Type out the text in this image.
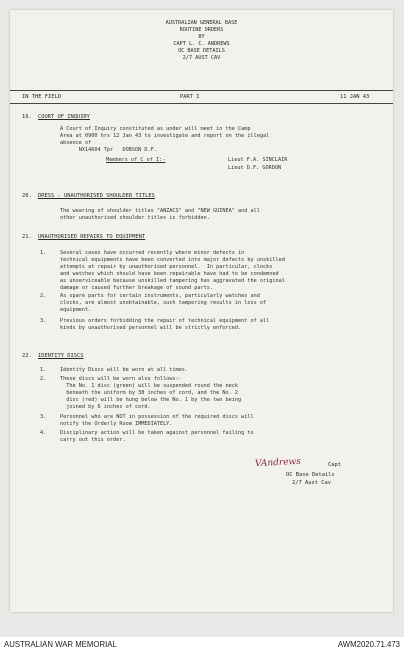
AUSTRALIAN GENERAL BASE
ROUTINE ORDERS
BY
CAPT L. C. ANDREWS
OC BASE DETAILS
2/7 AUST CAV
IN THE FIELD	PART I	11 JAN 43
19. COURT OF INQUIRY
A Court of Inquiry constituted as under will meet in the Camp
Area at 0900 hrs 12 Jan 43 to investigate and report on the illegal
absence of
NX14604 Tpr   DOBSON D.F.
Members of C of I:-	Lieut F.A. SINCLAIR
Lieut D.F. GORDON
20. DRESS - UNAUTHORISED SHOULDER TITLES
The wearing of shoulder titles "ANZACS" and "NEW GUINEA" and all
other unauthorised shoulder titles is forbidden.
21. UNAUTHORISED REPAIRS TO EQUIPMENT
1.	Several cases have occurred recently where minor defects in
technical equipments have been converted into major defects by unskilled
attempts at repair by unauthorised personnel.  In particular, clocks
and watches which should have been repairable have had to be condemned
as unserviceable because unskilled tampering has aggravated the original
damage or caused further breakage of sound parts.
2.	As spare parts for certain instruments, particularly watches and
clocks, are almost unobtainable, such tampering results in loss of
equipment.
3.	Previous orders forbidding the repair of technical equipment of all
kinds by unauthorised personnel will be strictly enforced.
22. IDENTITY DISCS
1.	Identity Discs will be worn at all times.
2.	These discs will be worn also follows:-
The No. 1 disc (green) will be suspended round the neck
beneath the uniform by 38 inches of cord, and the No. 2
disc (red) will be hung below the No. 1 by the two being
joined by 6 inches of cord.
3.	Personnel who are NOT in possession of the required discs will
notify the Orderly Room IMMEDIATELY.
4.	Disciplinary action will be taken against personnel failing to
carry out this order.
VAndrews	Capt
OC Base Details
2/7 Aust Cav
AUSTRALIAN WAR MEMORIAL	AWM2020.71.473
